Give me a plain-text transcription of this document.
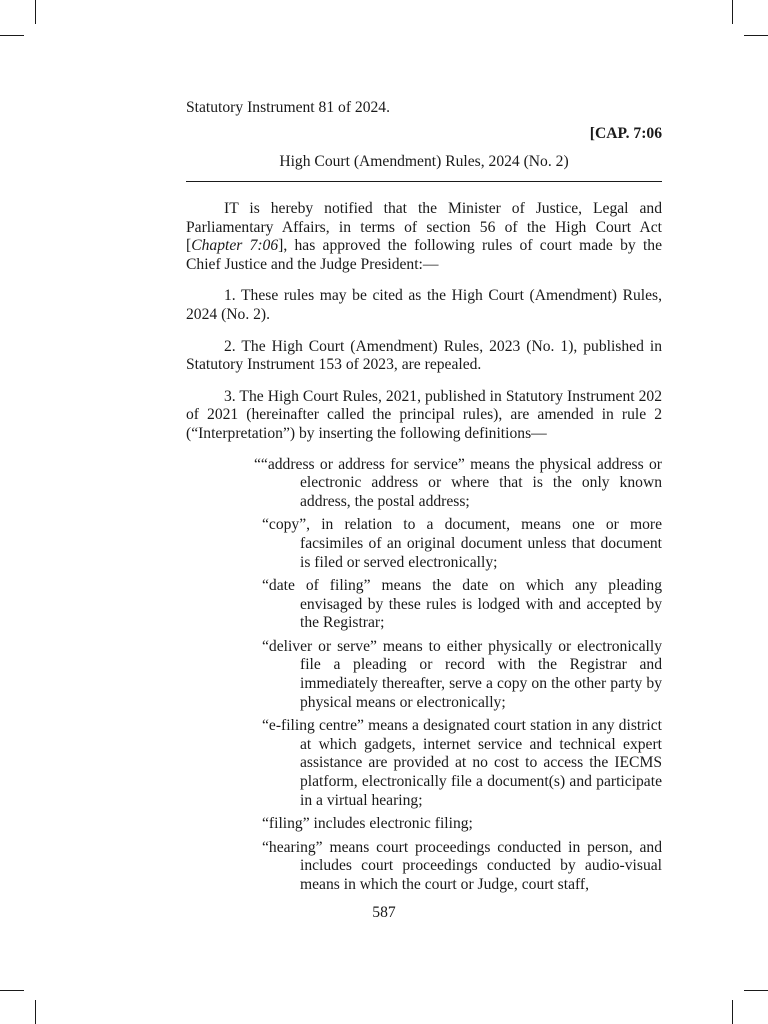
Statutory Instrument 81 of 2024.

[CAP. 7:06

High Court (Amendment) Rules, 2024 (No. 2)

IT is hereby notified that the Minister of Justice, Legal and Parliamentary Affairs, in terms of section 56 of the High Court Act [Chapter 7:06], has approved the following rules of court made by the Chief Justice and the Judge President:—

1. These rules may be cited as the High Court (Amendment) Rules, 2024 (No. 2).

2. The High Court (Amendment) Rules, 2023 (No. 1), published in Statutory Instrument 153 of 2023, are repealed.

3. The High Court Rules, 2021, published in Statutory Instrument 202 of 2021 (hereinafter called the principal rules), are amended in rule 2 (“Interpretation”) by inserting the following definitions—

““address or address for service” means the physical address or electronic address or where that is the only known address, the postal address;
“copy”, in relation to a document, means one or more facsimiles of an original document unless that document is filed or served electronically;
“date of filing” means the date on which any pleading envisaged by these rules is lodged with and accepted by the Registrar;
“deliver or serve” means to either physically or electronically file a pleading or record with the Registrar and immediately thereafter, serve a copy on the other party by physical means or electronically;
“e-filing centre” means a designated court station in any district at which gadgets, internet service and technical expert assistance are provided at no cost to access the IECMS platform, electronically file a document(s) and participate in a virtual hearing;
“filing” includes electronic filing;
“hearing” means court proceedings conducted in person, and includes court proceedings conducted by audio-visual means in which the court or Judge, court staff,
587
